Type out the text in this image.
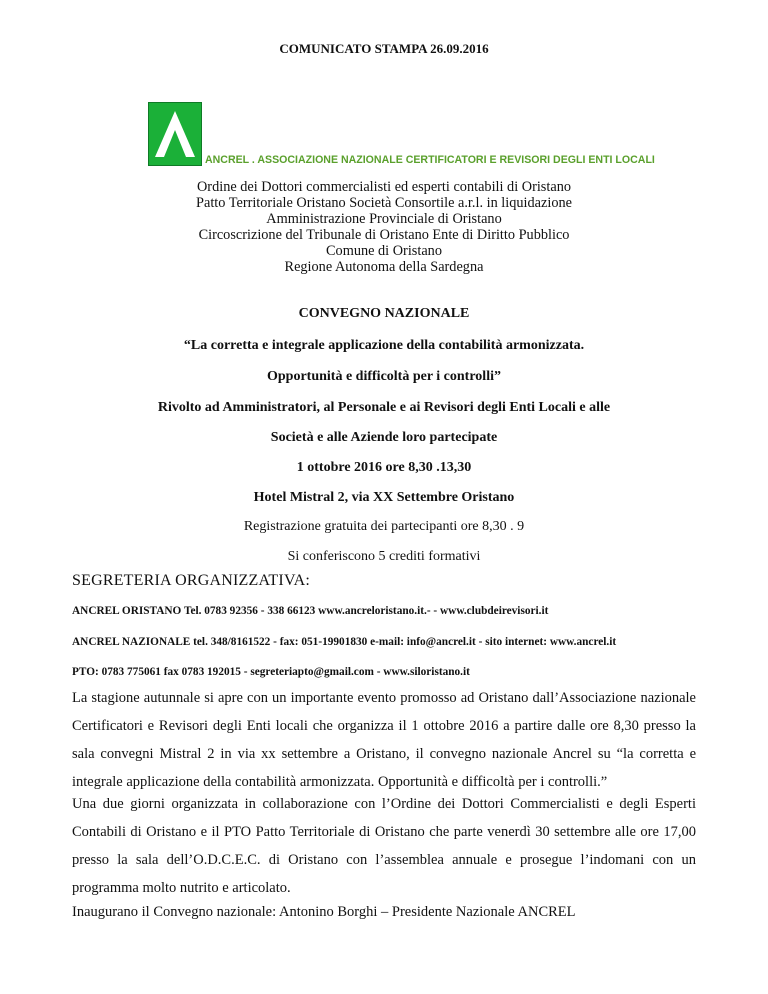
COMUNICATO STAMPA 26.09.2016
ANCREL . ASSOCIAZIONE NAZIONALE CERTIFICATORI E REVISORI DEGLI ENTI LOCALI
Ordine dei Dottori commercialisti ed esperti contabili di Oristano
Patto Territoriale Oristano Società Consortile a.r.l. in liquidazione
Amministrazione Provinciale di Oristano
Circoscrizione del Tribunale di Oristano Ente di Diritto Pubblico
Comune di Oristano
Regione Autonoma della Sardegna
CONVEGNO NAZIONALE
“La corretta e integrale applicazione della contabilità armonizzata.
Opportunità e difficoltà per i controlli”
Rivolto ad Amministratori, al Personale e ai Revisori degli Enti Locali e alle
Società e alle Aziende loro partecipate
1 ottobre 2016 ore 8,30 .13,30
Hotel Mistral 2, via XX Settembre Oristano
Registrazione gratuita dei partecipanti ore 8,30 . 9
Si conferiscono 5 crediti formativi
SEGRETERIA ORGANIZZATIVA:
ANCREL ORISTANO Tel. 0783 92356 - 338 66123 www.ancreloristano.it.- - www.clubdeirevisori.it
ANCREL NAZIONALE tel. 348/8161522 - fax: 051-19901830 e-mail: info@ancrel.it - sito internet: www.ancrel.it
PTO: 0783 775061 fax 0783 192015 - segreteriapto@gmail.com - www.siloristano.it

La stagione autunnale si apre con un importante evento promosso ad Oristano dall’Associazione nazionale Certificatori e Revisori degli Enti locali che organizza il 1 ottobre 2016 a partire dalle ore 8,30 presso la sala convegni Mistral 2 in via xx settembre a Oristano, il convegno nazionale Ancrel su “la corretta e integrale applicazione della contabilità armonizzata. Opportunità e difficoltà per i controlli.”

Una due giorni organizzata in collaborazione con l’Ordine dei Dottori Commercialisti e degli Esperti Contabili di Oristano e il PTO Patto Territoriale di Oristano che parte venerdì 30 settembre alle ore 17,00 presso la sala dell’O.D.C.E.C. di Oristano con l’assemblea annuale e prosegue l’indomani con un programma molto nutrito e articolato.

Inaugurano il Convegno nazionale: Antonino Borghi – Presidente Nazionale ANCREL
